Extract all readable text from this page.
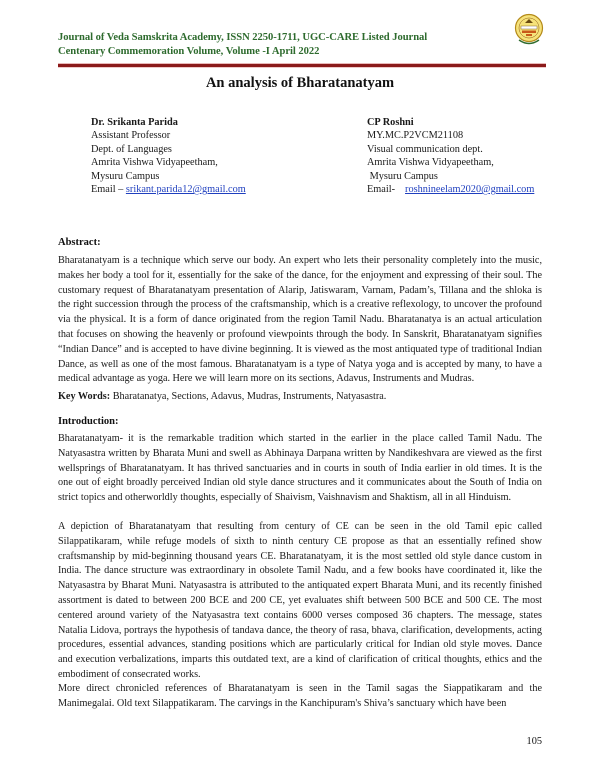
Journal of Veda Samskrita Academy, ISSN 2250-1711, UGC-CARE Listed Journal
Centenary Commemoration Volume, Volume -I April 2022
An analysis of Bharatanatyam
Dr. Srikanta Parida
Assistant Professor
Dept. of Languages
Amrita Vishwa Vidyapeetham,
Mysuru Campus
Email – srikant.parida12@gmail.com
CP Roshni
MY.MC.P2VCM21108
Visual communication dept.
Amrita Vishwa Vidyapeetham,
Mysuru Campus
Email- roshnineelam2020@gmail.com
Abstract:
Bharatanatyam is a technique which serve our body. An expert who lets their personality completely into the music, makes her body a tool for it, essentially for the sake of the dance, for the enjoyment and expressing of their soul. The customary request of Bharatanatyam presentation of Alarip, Jatiswaram, Varnam, Padam’s, Tillana and the shloka is the right succession through the process of the craftsmanship, which is a creative reflexology, to uncover the profound via the physical. It is a form of dance originated from the region Tamil Nadu. Bharatanatya is an actual articulation that focuses on showing the heavenly or profound viewpoints through the body. In Sanskrit, Bharatanatyam signifies “Indian Dance” and is accepted to have divine beginning. It is viewed as the most antiquated type of traditional Indian Dance, as well as one of the most famous. Bharatanatyam is a type of Natya yoga and is accepted by many, to have a medical advantage as yoga. Here we will learn more on its sections, Adavus, Instruments and Mudras.
Key Words: Bharatanatya, Sections, Adavus, Mudras, Instruments, Natyasastra.
Introduction:
Bharatanatyam- it is the remarkable tradition which started in the earlier in the place called Tamil Nadu. The Natyasastra written by Bharata Muni and swell as Abhinaya Darpana written by Nandikeshvara are viewed as the first wellsprings of Bharatanatyam. It has thrived sanctuaries and in courts in south of India earlier in old times. It is the one out of eight broadly perceived Indian old style dance structures and it communicates about the South of India on strict topics and otherworldly thoughts, especially of Shaivism, Vaishnavism and Shaktism, all in all Hinduism.
A depiction of Bharatanatyam that resulting from century of CE can be seen in the old Tamil epic called Silappatikaram, while refuge models of sixth to ninth century CE propose as that an essentially refined show craftsmanship by mid-beginning thousand years CE. Bharatanatyam, it is the most settled old style dance custom in India. The dance structure was extraordinary in obsolete Tamil Nadu, and a few books have coordinated it, like the Natyasastra by Bharat Muni. Natyasastra is attributed to the antiquated expert Bharata Muni, and its recently finished assortment is dated to between 200 BCE and 200 CE, yet evaluates shift between 500 BCE and 500 CE. The most centered around variety of the Natyasastra text contains 6000 verses composed 36 chapters. The message, states Natalia Lidova, portrays the hypothesis of tandava dance, the theory of rasa, bhava, clarification, developments, acting procedures, essential advances, standing positions which are particularly critical for Indian old style moves. Dance and execution verbalizations, imparts this outdated text, are a kind of clarification of critical thoughts, ethics and the embodiment of consecrated works.
More direct chronicled references of Bharatanatyam is seen in the Tamil sagas the Siappatikaram and the Manimegalai. Old text Silappatikaram. The carvings in the Kanchipuram's Shiva’s sanctuary which have been
105
